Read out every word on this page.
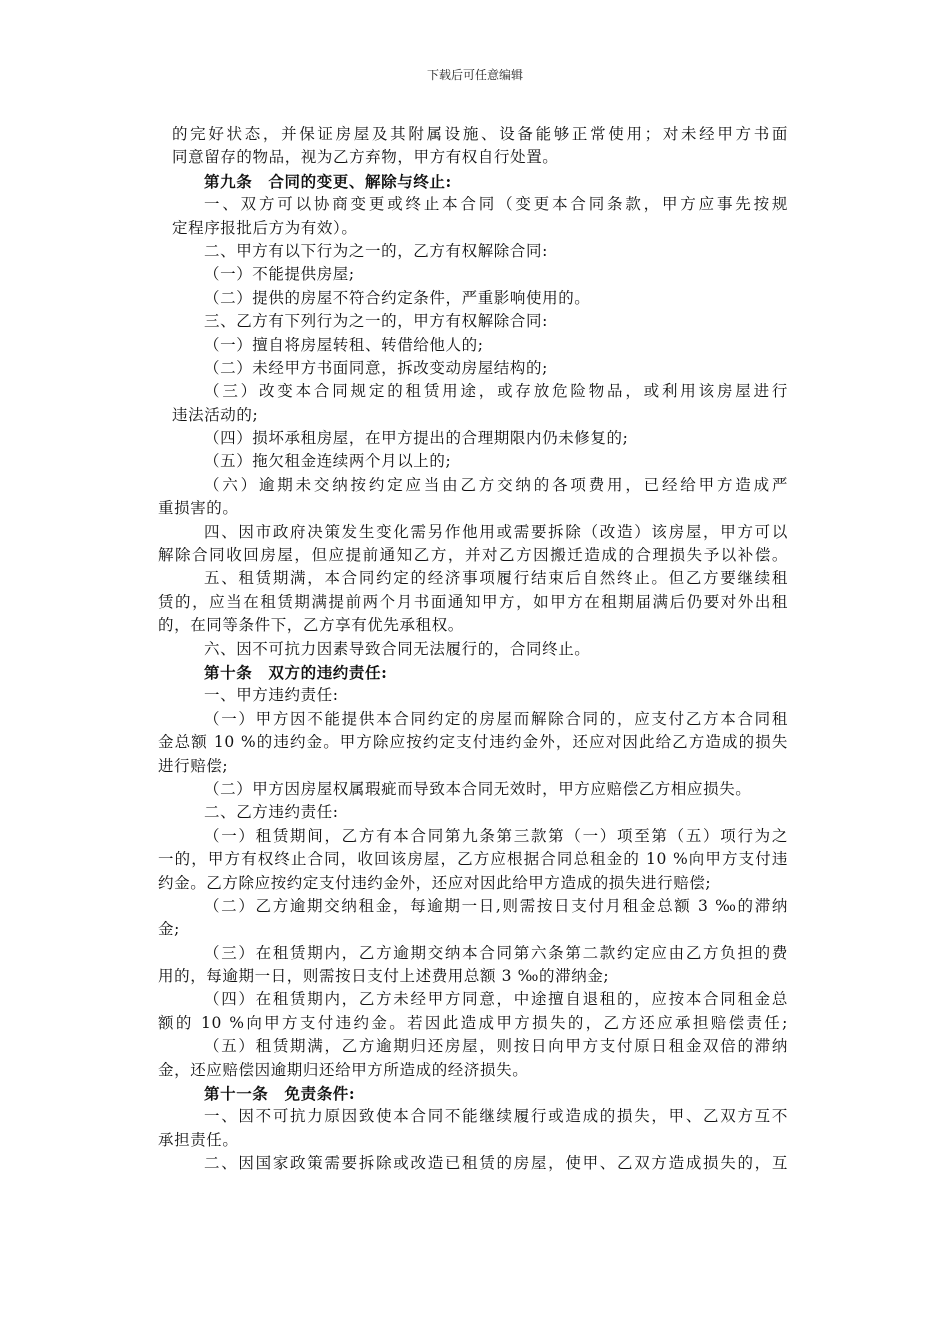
下载后可任意编辑
的完好状态，并保证房屋及其附属设施、设备能够正常使用；对未经甲方书面
同意留存的物品，视为乙方弃物，甲方有权自行处置。
第九条　合同的变更、解除与终止:
一、双方可以协商变更或终止本合同（变更本合同条款，甲方应事先按规
定程序报批后方为有效）。
二、甲方有以下行为之一的，乙方有权解除合同:
（一）不能提供房屋;
（二）提供的房屋不符合约定条件，严重影响使用的。
三、乙方有下列行为之一的，甲方有权解除合同:
（一）擅自将房屋转租、转借给他人的;
（二）未经甲方书面同意，拆改变动房屋结构的;
（三）改变本合同规定的租赁用途，或存放危险物品，或利用该房屋进行
违法活动的;
（四）损坏承租房屋，在甲方提出的合理期限内仍未修复的;
（五）拖欠租金连续两个月以上的;
（六）逾期未交纳按约定应当由乙方交纳的各项费用，已经给甲方造成严
重损害的。
四、因市政府决策发生变化需另作他用或需要拆除（改造）该房屋，甲方可以
解除合同收回房屋，但应提前通知乙方，并对乙方因搬迁造成的合理损失予以补偿。
五、租赁期满，本合同约定的经济事项履行结束后自然终止。但乙方要继续租
赁的，应当在租赁期满提前两个月书面通知甲方，如甲方在租期届满后仍要对外出租
的，在同等条件下，乙方享有优先承租权。
六、因不可抗力因素导致合同无法履行的，合同终止。
第十条　双方的违约责任:
一、甲方违约责任:
（一）甲方因不能提供本合同约定的房屋而解除合同的，应支付乙方本合同租
金总额 10 %的违约金。甲方除应按约定支付违约金外，还应对因此给乙方造成的损失
进行赔偿;
（二）甲方因房屋权属瑕疵而导致本合同无效时，甲方应赔偿乙方相应损失。
二、乙方违约责任:
（一）租赁期间，乙方有本合同第九条第三款第（一）项至第（五）项行为之
一的，甲方有权终止合同，收回该房屋，乙方应根据合同总租金的 10 %向甲方支付违
约金。乙方除应按约定支付违约金外，还应对因此给甲方造成的损失进行赔偿;
（二）乙方逾期交纳租金，每逾期一日,则需按日支付月租金总额 3 ‰的滞纳
金;
（三）在租赁期内，乙方逾期交纳本合同第六条第二款约定应由乙方负担的费
用的，每逾期一日，则需按日支付上述费用总额 3 ‰的滞纳金;
（四）在租赁期内，乙方未经甲方同意，中途擅自退租的，应按本合同租金总
额的 10 %向甲方支付违约金。若因此造成甲方损失的，乙方还应承担赔偿责任;
（五）租赁期满，乙方逾期归还房屋，则按日向甲方支付原日租金双倍的滞纳
金，还应赔偿因逾期归还给甲方所造成的经济损失。
第十一条　免责条件:
一、因不可抗力原因致使本合同不能继续履行或造成的损失，甲、乙双方互不
承担责任。
二、因国家政策需要拆除或改造已租赁的房屋，使甲、乙双方造成损失的，互
